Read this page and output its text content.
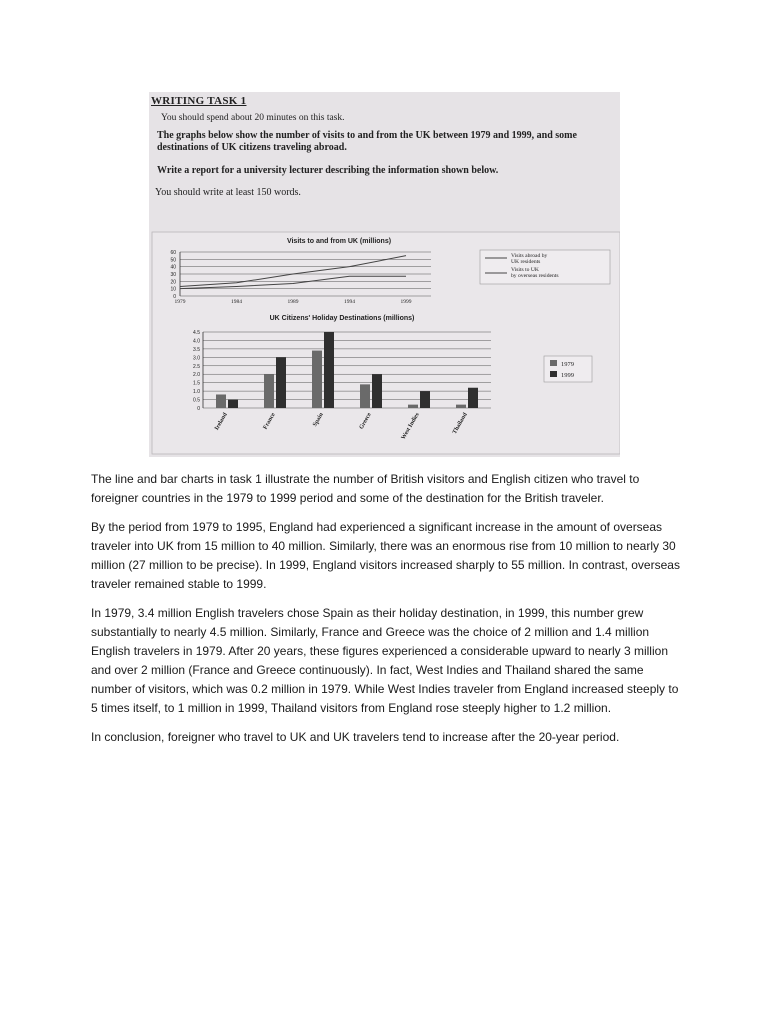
WRITING TASK 1
You should spend about 20 minutes on this task.
The graphs below show the number of visits to and from the UK between 1979 and 1999, and some destinations of UK citizens traveling abroad.
Write a report for a university lecturer describing the information shown below.
You should write at least 150 words.
Visits to and from UK (millions)
60
50
40
30
20
10
0
1979	1984	1989	1994	1999
Visits abroad by UK residents
Visits to UK by overseas residents
UK Citizens' Holiday Destinations (millions)
4.5
4.0
3.5
3.0
2.5
2.0
1.5
1.0
0.5
0
Ireland	France	Spain	Greece	West Indies	Thailand
1979
1999

The line and bar charts in task 1 illustrate the number of British visitors and English citizen who travel to foreigner countries in the 1979 to 1999 period and some of the destination for the British traveler.

By the period from 1979 to 1995, England had experienced a significant increase in the amount of overseas traveler into UK from 15 million to 40 million. Similarly, there was an enormous rise from 10 million to nearly 30 million (27 million to be precise). In 1999, England visitors increased sharply to 55 million. In contrast, overseas traveler remained stable to 1999.

In 1979, 3.4 million English travelers chose Spain as their holiday destination, in 1999, this number grew substantially to nearly 4.5 million. Similarly, France and Greece was the choice of 2 million and 1.4 million English travelers in 1979. After 20 years, these figures experienced a considerable upward to nearly 3 million and over 2 million (France and Greece continuously). In fact, West Indies and Thailand shared the same number of visitors, which was 0.2 million in 1979. While West Indies traveler from England increased steeply to 5 times itself, to 1 million in 1999, Thailand visitors from England rose steeply higher to 1.2 million.

In conclusion, foreigner who travel to UK and UK travelers tend to increase after the 20-year period.
